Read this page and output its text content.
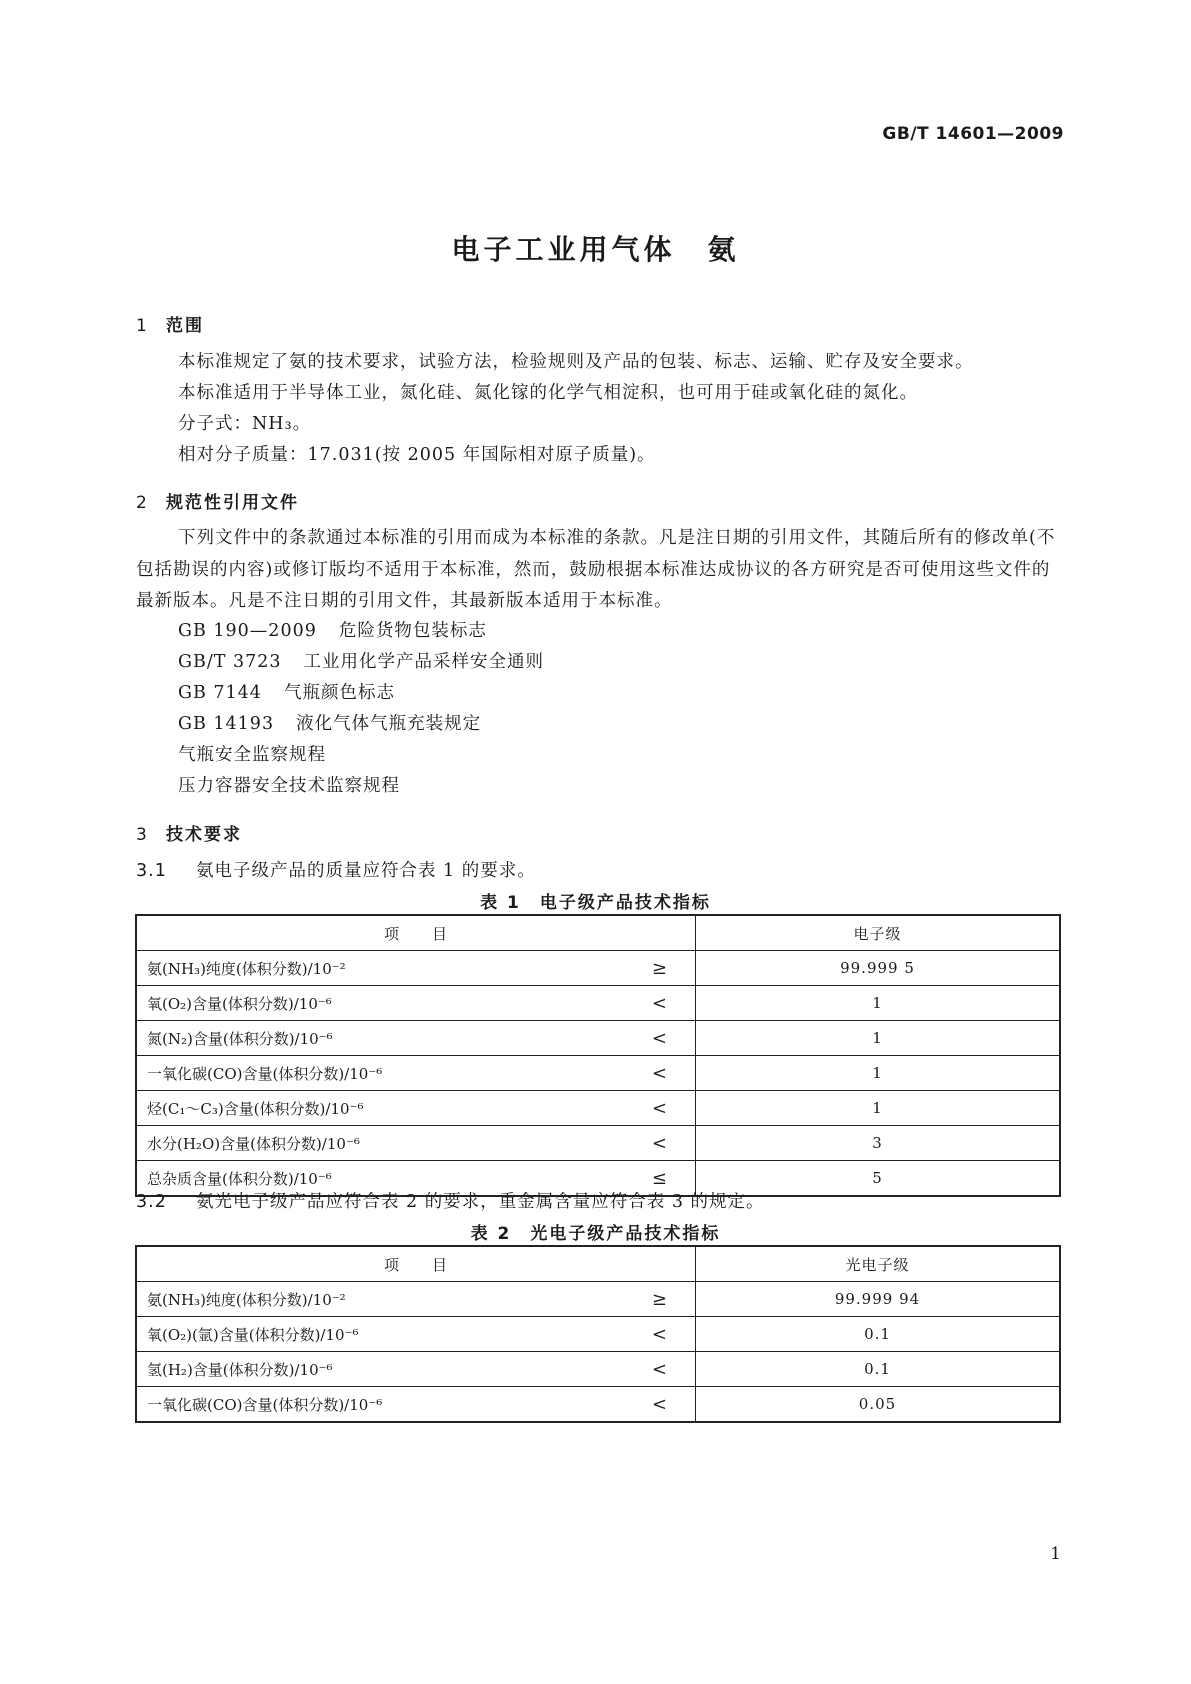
GB/T 14601—2009
电子工业用气体　氨
1 范围
本标准规定了氨的技术要求，试验方法，检验规则及产品的包装、标志、运输、贮存及安全要求。
本标准适用于半导体工业，氮化硅、氮化镓的化学气相淀积，也可用于硅或氧化硅的氮化。
分子式：NH₃。
相对分子质量：17.031(按 2005 年国际相对原子质量)。
2 规范性引用文件
下列文件中的条款通过本标准的引用而成为本标准的条款。凡是注日期的引用文件，其随后所有的修改单(不包括勘误的内容)或修订版均不适用于本标准，然而，鼓励根据本标准达成协议的各方研究是否可使用这些文件的最新版本。凡是不注日期的引用文件，其最新版本适用于本标准。
GB 190—2009 危险货物包装标志
GB/T 3723 工业用化学产品采样安全通则
GB 7144 气瓶颜色标志
GB 14193 液化气体气瓶充装规定
气瓶安全监察规程
压力容器安全技术监察规程
3 技术要求
3.1 氨电子级产品的质量应符合表 1 的要求。
表 1　电子级产品技术指标
项　　目	电子级
氨(NH₃)纯度(体积分数)/10⁻² ≥	99.999 5
氧(O₂)含量(体积分数)/10⁻⁶ <	1
氮(N₂)含量(体积分数)/10⁻⁶ <	1
一氧化碳(CO)含量(体积分数)/10⁻⁶ <	1
烃(C₁～C₃)含量(体积分数)/10⁻⁶ <	1
水分(H₂O)含量(体积分数)/10⁻⁶ <	3
总杂质含量(体积分数)/10⁻⁶ ≤	5
3.2 氨光电子级产品应符合表 2 的要求，重金属含量应符合表 3 的规定。
表 2　光电子级产品技术指标
项　　目	光电子级
氨(NH₃)纯度(体积分数)/10⁻² ≥	99.999 94
氧(O₂)(氩)含量(体积分数)/10⁻⁶ <	0.1
氢(H₂)含量(体积分数)/10⁻⁶ <	0.1
一氧化碳(CO)含量(体积分数)/10⁻⁶ <	0.05
1
